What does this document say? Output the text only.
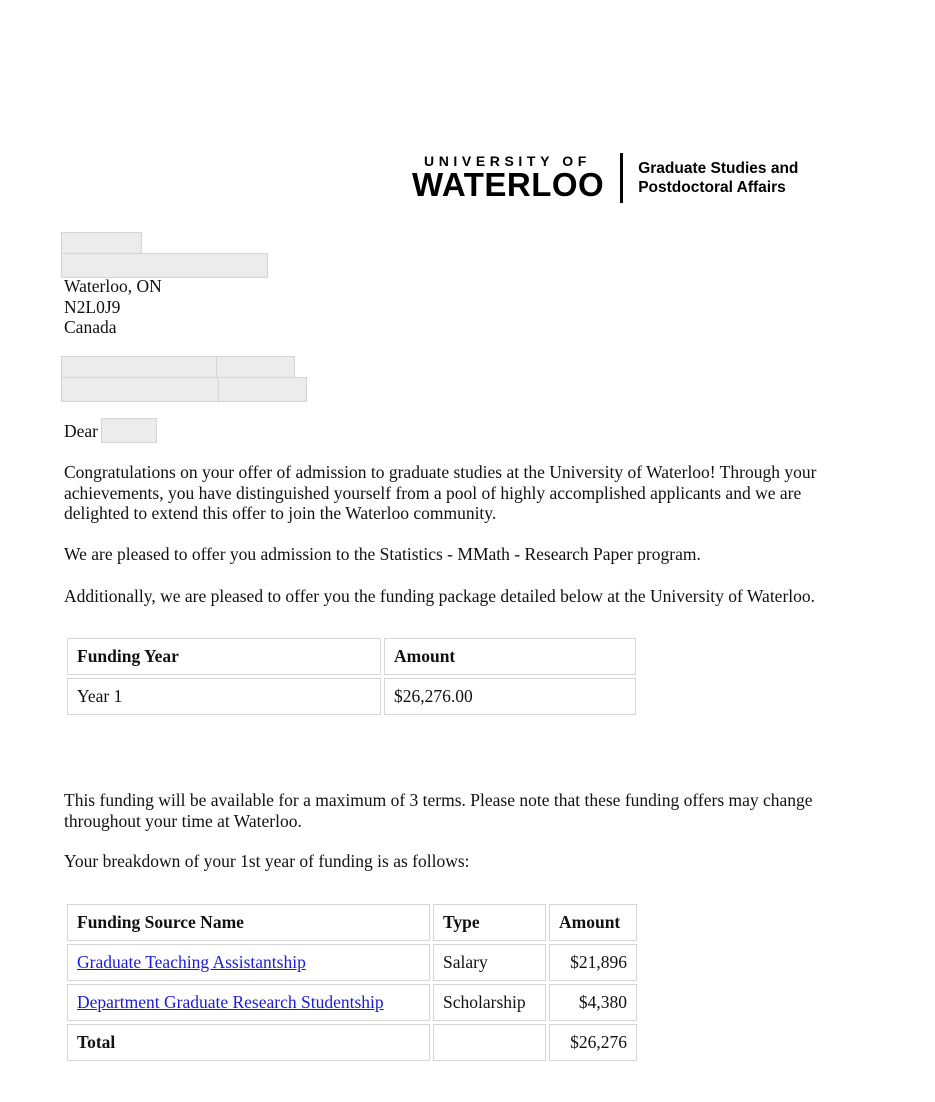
UNIVERSITY OF
WATERLOO Graduate Studies and
Postdoctoral Affairs
Waterloo, ON
N2L0J9
Canada
Dear
Congratulations on your offer of admission to graduate studies at the University of Waterloo! Through your achievements, you have distinguished yourself from a pool of highly accomplished applicants and we are delighted to extend this offer to join the Waterloo community.
We are pleased to offer you admission to the Statistics - MMath - Research Paper program.
Additionally, we are pleased to offer you the funding package detailed below at the University of Waterloo.
Funding Year	Amount
Year 1	$26,276.00
This funding will be available for a maximum of 3 terms. Please note that these funding offers may change throughout your time at Waterloo.
Your breakdown of your 1st year of funding is as follows:
Funding Source Name	Type	Amount
Graduate Teaching Assistantship	Salary	$21,896
Department Graduate Research Studentship	Scholarship	$4,380
Total		$26,276
